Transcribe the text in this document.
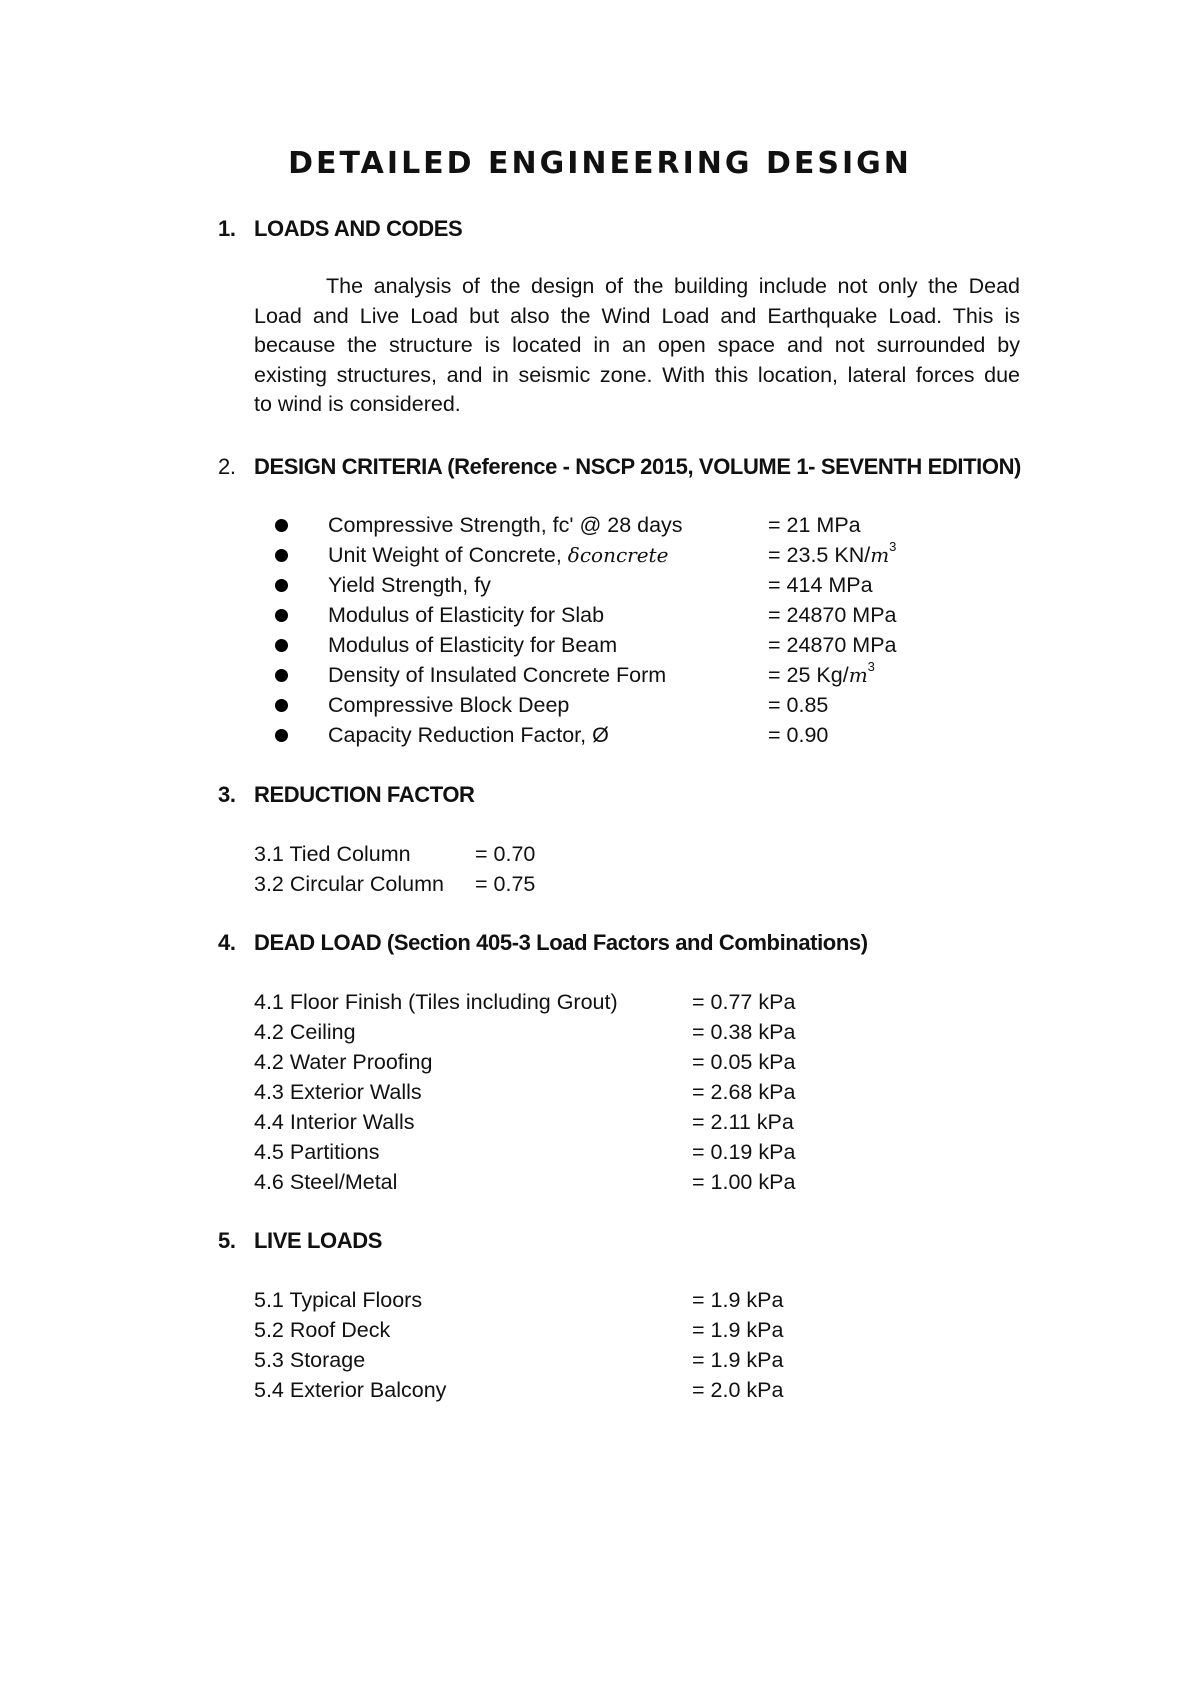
DETAILED ENGINEERING DESIGN
1. LOADS AND CODES
The analysis of the design of the building include not only the Dead
Load and Live Load but also the Wind Load and Earthquake Load. This is
because the structure is located in an open space and not surrounded by
existing structures, and in seismic zone. With this location, lateral forces due
to wind is considered.
2. DESIGN CRITERIA (Reference - NSCP 2015, VOLUME 1- SEVENTH EDITION)
Compressive Strength, fc' @ 28 days	= 21 MPa
Unit Weight of Concrete, δconcrete	= 23.5 $KN/m^3$
Yield Strength, fy	= 414 MPa
Modulus of Elasticity for Slab	= 24870 MPa
Modulus of Elasticity for Beam	= 24870 MPa
Density of Insulated Concrete Form	= 25 $Kg/m^3$
Compressive Block Deep	= 0.85
Capacity Reduction Factor, Ø	= 0.90
3. REDUCTION FACTOR
3.1 Tied Column	= 0.70
3.2 Circular Column = 0.75
4. DEAD LOAD (Section 405-3 Load Factors and Combinations)
4.1 Floor Finish (Tiles including Grout)	= 0.77 kPa
4.2 Ceiling	= 0.38 kPa
4.2 Water Proofing	= 0.05 kPa
4.3 Exterior Walls	= 2.68 kPa
4.4 Interior Walls	= 2.11 kPa
4.5 Partitions	= 0.19 kPa
4.6 Steel/Metal	= 1.00 kPa
5. LIVE LOADS
5.1 Typical Floors	= 1.9 kPa
5.2 Roof Deck	= 1.9 kPa
5.3 Storage	= 1.9 kPa
5.4 Exterior Balcony	= 2.0 kPa
